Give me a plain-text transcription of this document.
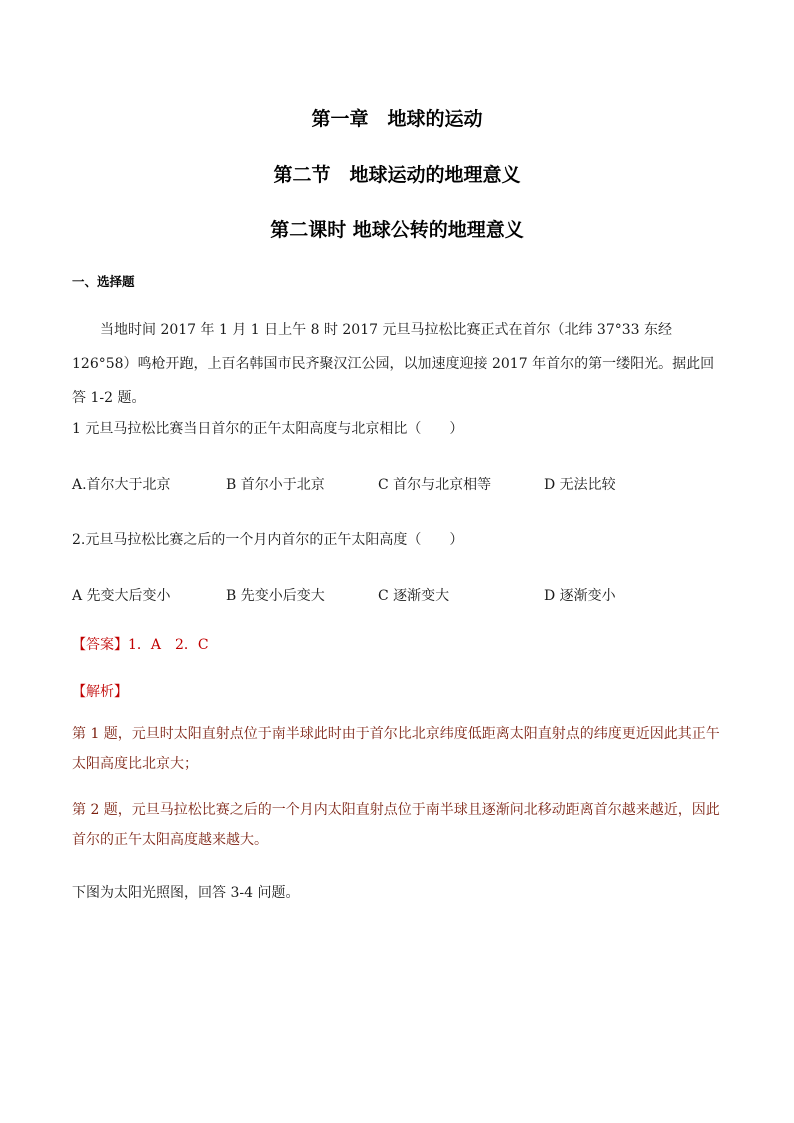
第一章　地球的运动
第二节　地球运动的地理意义
第二课时 地球公转的地理意义
一、选择题
当地时间 2017 年 1 月 1 日上午 8 时 2017 元旦马拉松比赛正式在首尔（北纬 37°33 东经 126°58）鸣枪开跑，上百名韩国市民齐聚汉江公园，以加速度迎接 2017 年首尔的第一缕阳光。据此回答 1-2 题。
1 元旦马拉松比赛当日首尔的正午太阳高度与北京相比（　　）
A.首尔大于北京	B 首尔小于北京	C 首尔与北京相等	D 无法比较
2.元旦马拉松比赛之后的一个月内首尔的正午太阳高度（　　）
A 先变大后变小	B 先变小后变大	C 逐渐变大	D 逐渐变小
【答案】1．A　2．C
【解析】
第 1 题，元旦时太阳直射点位于南半球此时由于首尔比北京纬度低距离太阳直射点的纬度更近因此其正午太阳高度比北京大；
第 2 题，元旦马拉松比赛之后的一个月内太阳直射点位于南半球且逐渐问北移动距离首尔越来越近，因此首尔的正午太阳高度越来越大。
下图为太阳光照图，回答 3-4 问题。
